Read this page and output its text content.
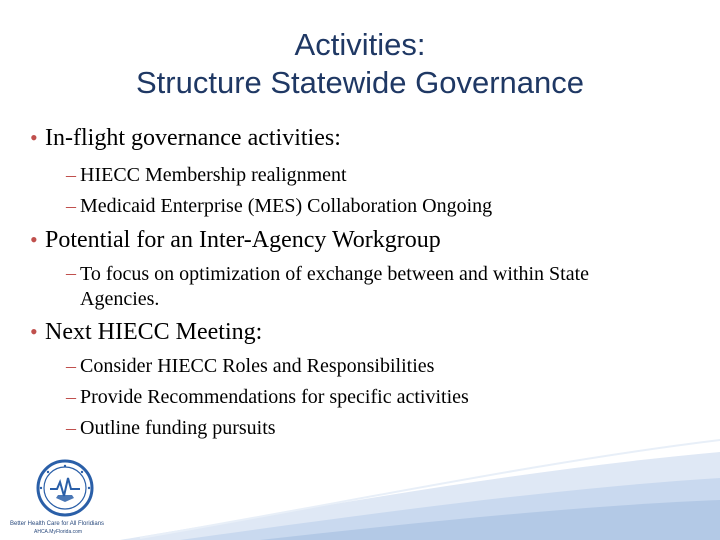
Activities:
Structure Statewide Governance
• In-flight governance activities:
– HIECC Membership realignment
– Medicaid Enterprise (MES) Collaboration Ongoing
• Potential for an Inter-Agency Workgroup
– To focus on optimization of exchange between and within State Agencies.
• Next HIECC Meeting:
– Consider HIECC Roles and Responsibilities
– Provide Recommendations for specific activities
– Outline funding pursuits
Better Health Care for All Floridians
AHCA.MyFlorida.com
